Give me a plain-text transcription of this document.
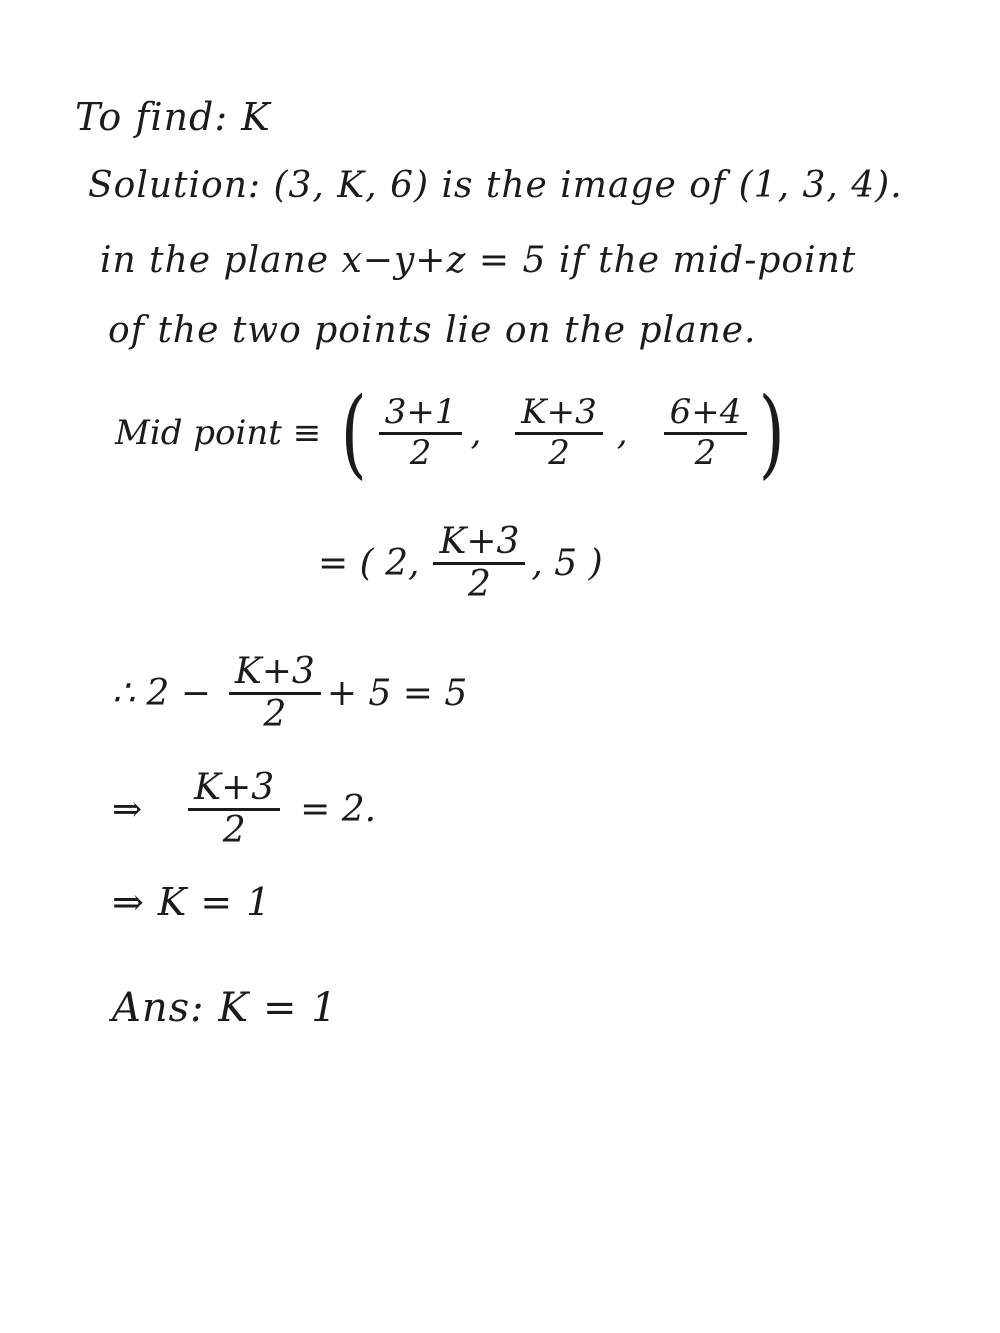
To find: K
Solution: (3, K, 6) is the image of (1, 3, 4).
in the plane x−y+z = 5 if the mid-point
of the two points lie on the plane.
Mid point ≡ ( $\frac{3+1}{2}$ , $\frac{K+3}{2}$ , $\frac{6+4}{2}$ )
= ( 2, $\frac{K+3}{2}$ , 5 )
∴ $2 - \frac{K+3}{2} + 5 = 5$
⇒ $\frac{K+3}{2} = 2$.
⇒ K = 1
Ans: K = 1
